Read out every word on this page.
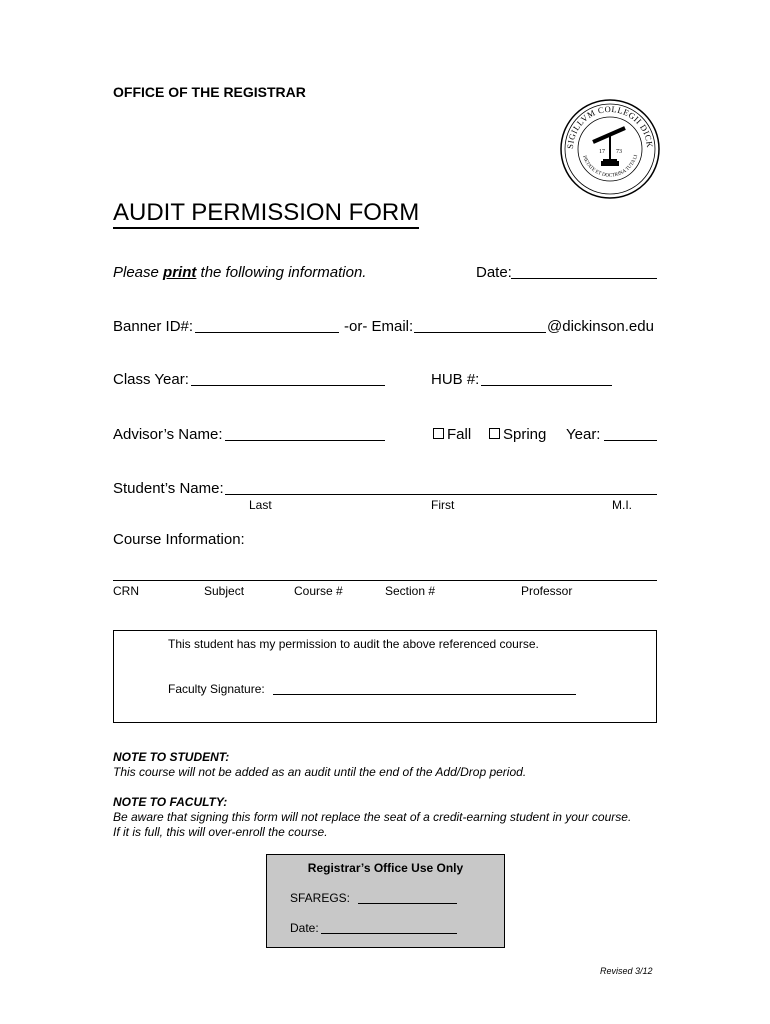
OFFICE OF THE REGISTRAR
SIGILLVM COLLEGII DICK
PIETATE ET DOCTRINA TUTA LI
17 73
AUDIT PERMISSION FORM
Please print the following information.	Date:
Banner ID#:	-or- Email:	@dickinson.edu
Class Year:	HUB #:
Advisor’s Name:	Fall	Spring Year:
Student’s Name:
Last	First	M.I.
Course Information:
CRN	Subject	Course #	Section #	Professor
This student has my permission to audit the above referenced course.
Faculty Signature:
NOTE TO STUDENT:
This course will not be added as an audit until the end of the Add/Drop period.
NOTE TO FACULTY:
Be aware that signing this form will not replace the seat of a credit-earning student in your course.
If it is full, this will over-enroll the course.
Registrar’s Office Use Only
SFAREGS:
Date:
Revised 3/12
